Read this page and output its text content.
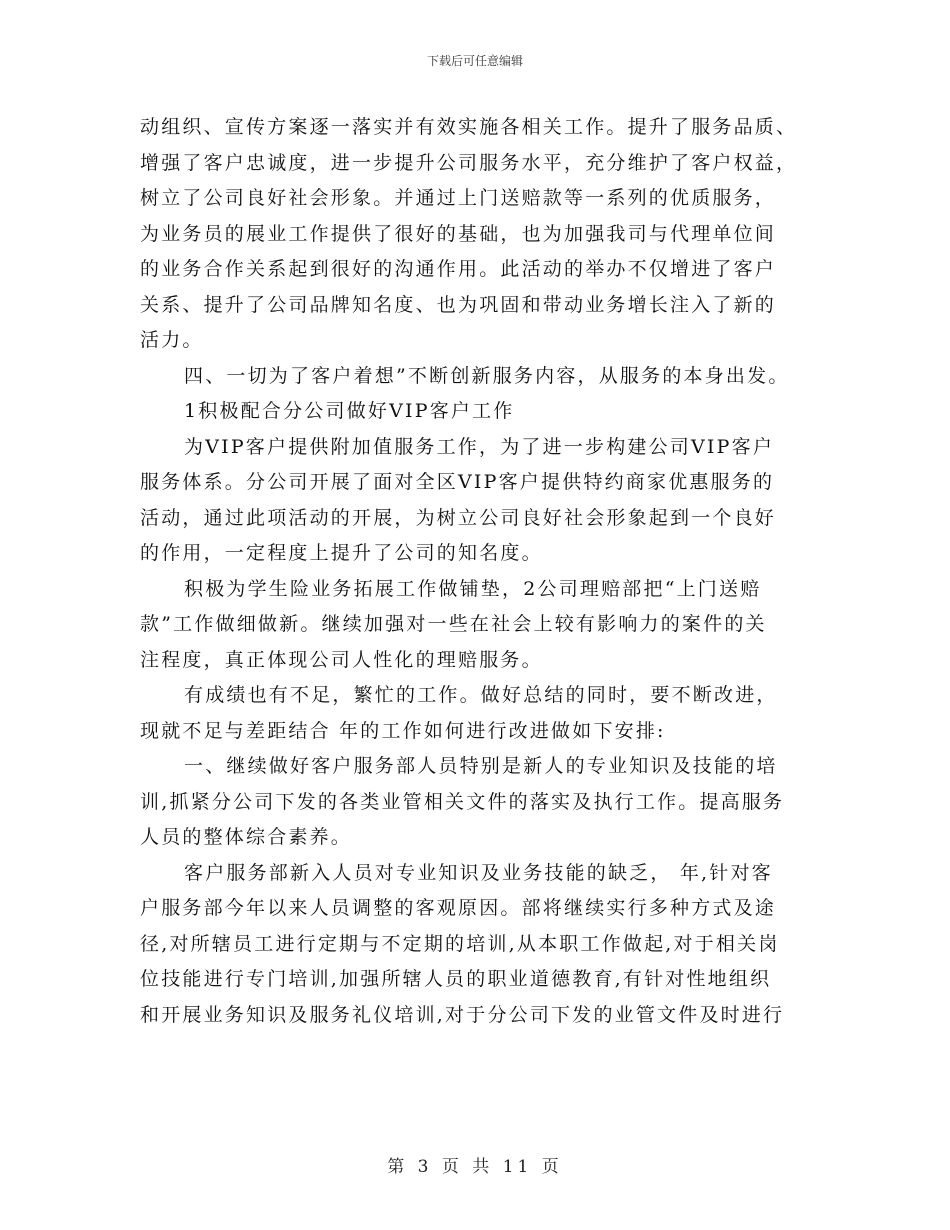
下载后可任意编辑
动组织、宣传方案逐一落实并有效实施各相关工作。提升了服务品质、
增强了客户忠诚度，进一步提升公司服务水平，充分维护了客户权益，
树立了公司良好社会形象。并通过上门送赔款等一系列的优质服务，
为业务员的展业工作提供了很好的基础，也为加强我司与代理单位间
的业务合作关系起到很好的沟通作用。此活动的举办不仅增进了客户
关系、提升了公司品牌知名度、也为巩固和带动业务增长注入了新的
活力。
四、一切为了客户着想”不断创新服务内容，从服务的本身出发。
1积极配合分公司做好VIP客户工作
为VIP客户提供附加值服务工作，为了进一步构建公司VIP客户
服务体系。分公司开展了面对全区VIP客户提供特约商家优惠服务的
活动，通过此项活动的开展，为树立公司良好社会形象起到一个良好
的作用，一定程度上提升了公司的知名度。
积极为学生险业务拓展工作做铺垫，2公司理赔部把“上门送赔
款”工作做细做新。继续加强对一些在社会上较有影响力的案件的关
注程度，真正体现公司人性化的理赔服务。
有成绩也有不足，繁忙的工作。做好总结的同时，要不断改进，
现就不足与差距结合 年的工作如何进行改进做如下安排:
一、继续做好客户服务部人员特别是新人的专业知识及技能的培
训,抓紧分公司下发的各类业管相关文件的落实及执行工作。提高服务
人员的整体综合素养。
客户服务部新入人员对专业知识及业务技能的缺乏， 年,针对客
户服务部今年以来人员调整的客观原因。部将继续实行多种方式及途
径,对所辖员工进行定期与不定期的培训,从本职工作做起,对于相关岗
位技能进行专门培训,加强所辖人员的职业道德教育,有针对性地组织
和开展业务知识及服务礼仪培训,对于分公司下发的业管文件及时进行
第 3 页 共 11 页
